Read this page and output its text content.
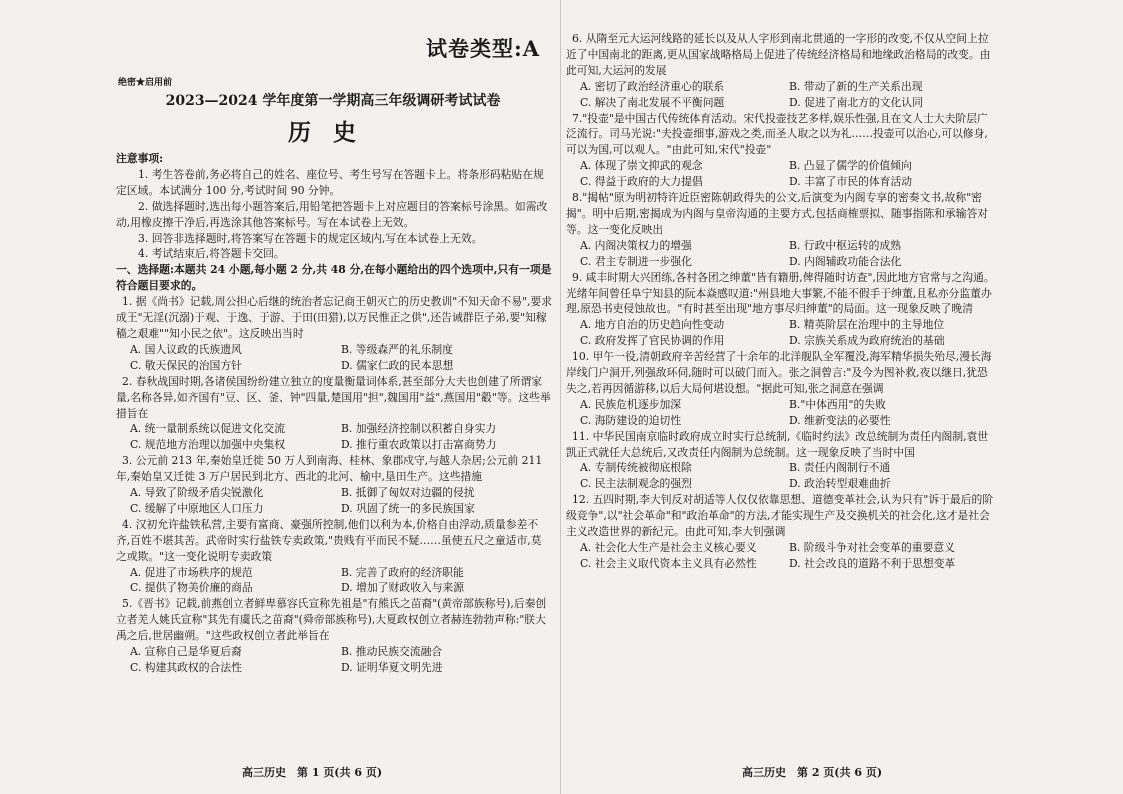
试卷类型:A
绝密★启用前
2023—2024 学年度第一学期高三年级调研考试试卷
历史
注意事项:
1. 考生答卷前,务必将自己的姓名、座位号、考生号写在答题卡上。将条形码粘贴在规定区域。本试满分 100 分,考试时间 90 分钟。
2. 做选择题时,选出每小题答案后,用铅笔把答题卡上对应题目的答案标号涂黑。如需改动,用橡皮擦干净后,再选涂其他答案标号。写在本试卷上无效。
3. 回答非选择题时,将答案写在答题卡的规定区域内,写在本试卷上无效。
4. 考试结束后,将答题卡交回。
一、选择题:本题共 24 小题,每小题 2 分,共 48 分,在每小题给出的四个选项中,只有一项是符合题目要求的。
1. 据《尚书》记载,周公担心后继的统治者忘记商王朝灭亡的历史教训"不知天命不易",要求成王"无淫(沉溺)于观、于逸、于游、于田(田猎),以万民惟正之供",还告诫群臣子弟,要"知稼穑之艰难""知小民之依"。这反映出当时
A. 国人议政的氏族遗风	B. 等级森严的礼乐制度
C. 敬天保民的治国方针	D. 儒家仁政的民本思想
2. 春秋战国时期,各诸侯国纷纷建立独立的度量衡量词体系,甚至部分大夫也创建了所谓家量,名称各异,如齐国有"豆、区、釜、钟"四量,楚国用"担",魏国用"益",燕国用"觳"等。这些举措旨在
A. 统一量制系统以促进文化交流	B. 加强经济控制以积蓄自身实力
C. 规范地方治理以加强中央集权	D. 推行重农政策以打击富商势力
3. 公元前 213 年,秦始皇迁徙 50 万人到南海、桂林、象郡戍守,与越人杂居;公元前 211 年,秦始皇又迁徙 3 万户居民到北方、西北的北河、榆中,垦田生产。这些措施
A. 导致了阶级矛盾尖锐激化	B. 抵御了匈奴对边疆的侵扰
C. 缓解了中原地区人口压力	D. 巩固了统一的多民族国家
4. 汉初允许盐铁私营,主要有富商、豪强所控制,他们以利为本,价格自由浮动,质量参差不齐,百姓不堪其苦。武帝时实行盐铁专卖政策,"贵贱有平而民不疑……虽使五尺之童适市,莫之或欺。"这一变化说明专卖政策
A. 促进了市场秩序的规范	B. 完善了政府的经济职能
C. 提供了物美价廉的商品	D. 增加了财政收入与来源
5.《晋书》记载,前燕创立者鲜卑慕容氏宣称先祖是"有熊氏之苗裔"(黄帝部族称号),后秦创立者羌人姚氏宣称"其先有虞氏之苗裔"(舜帝部族称号),大夏政权创立者赫连勃勃声称:"朕大禹之后,世居幽朔。"这些政权创立者此举旨在
A. 宣称自己是华夏后裔	B. 推动民族交流融合
C. 构建其政权的合法性	D. 证明华夏文明先进
6. 从隋至元大运河线路的延长以及从人字形到南北贯通的一字形的改变,不仅从空间上拉近了中国南北的距离,更从国家战略格局上促进了传统经济格局和地缘政治格局的改变。由此可知,大运河的发展
A. 密切了政治经济重心的联系	B. 带动了新的生产关系出现
C. 解决了南北发展不平衡问题	D. 促进了南北方的文化认同
7."投壶"是中国古代传统体育活动。宋代投壶技艺多样,娱乐性强,且在文人士大夫阶层广泛流行。司马光说:"夫投壶细事,游戏之类,而圣人取之以为礼……投壶可以治心,可以修身,可以为国,可以观人。"由此可知,宋代"投壶"
A. 体现了崇文抑武的观念	B. 凸显了儒学的价值倾向
C. 得益于政府的大力提倡	D. 丰富了市民的体育活动
8."揭帖"原为明初特许近臣密陈朝政得失的公文,后演变为内阁专享的密奏文书,故称"密揭"。明中后期,密揭成为内阁与皇帝沟通的主要方式,包括商榷票拟、随事指陈和承输答对等。这一变化反映出
A. 内阁决策权力的增强	B. 行政中枢运转的成熟
C. 君主专制进一步强化	D. 内阁辅政功能合法化
9. 咸丰时期大兴团练,各村各团之绅董"皆有籍册,俾得随时访查",因此地方官常与之沟通。光绪年间曾任阜宁知县的阮本焱感叹道:"州县地大事繁,不能不假手于绅董,且私亦分监董办理,原恐书吏侵蚀故也。"有时甚至出现"地方事尽归绅董"的局面。这一现象反映了晚清
A. 地方自治的历史趋向性变动	B. 精英阶层在治理中的主导地位
C. 政府发挥了官民协调的作用	D. 宗族关系成为政府统治的基础
10. 甲午一役,清朝政府辛苦经营了十余年的北洋舰队全军覆没,海军精华损失殆尽,漫长海岸线门户洞开,列强敌环伺,随时可以破门而入。张之洞曾言:"及今为图补救,夜以继日,犹恐失之,若再因循游移,以后大局何堪设想。"据此可知,张之洞意在强调
A. 民族危机逐步加深	B."中体西用"的失败
C. 海防建设的迫切性	D. 维新变法的必要性
11. 中华民国南京临时政府成立时实行总统制,《临时约法》改总统制为责任内阁制,袁世凯正式就任大总统后,又改责任内阁制为总统制。这一现象反映了当时中国
A. 专制传统被彻底根除	B. 责任内阁制行不通
C. 民主法制观念的强烈	D. 政治转型艰难曲折
12. 五四时期,李大钊反对胡适等人仅仅依靠思想、道德变革社会,认为只有"诉于最后的阶级竞争",以"社会革命"和"政治革命"的方法,才能实现生产及交换机关的社会化,这才是社会主义改造世界的新纪元。由此可知,李大钊强调
A. 社会化大生产是社会主义核心要义	B. 阶级斗争对社会变革的重要意义
C. 社会主义取代资本主义具有必然性	D. 社会改良的道路不利于思想变革
高三历史　第 1 页(共 6 页)	高三历史　第 2 页(共 6 页)
